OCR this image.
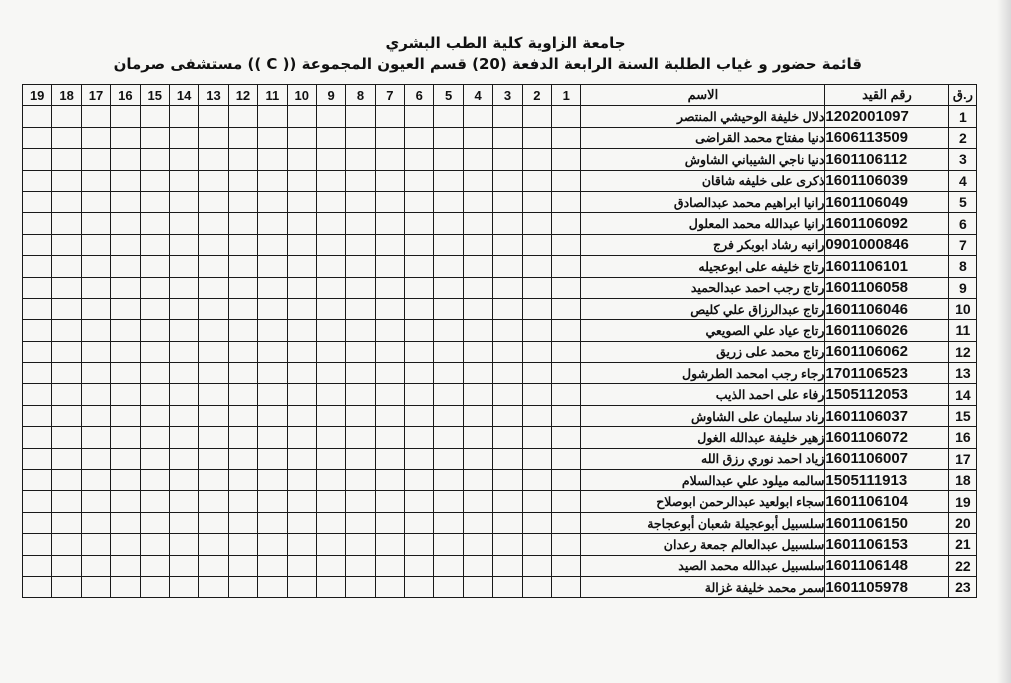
جامعة الزاوية كلية الطب البشري
قائمة حضور و غياب الطلبة السنة الرابعة الدفعة (20) قسم العيون المجموعة (( C )) مستشفى صرمان
19	18	17	16	15	14	13	12	11	10	9	8	7	6	5	4	3	2	1	الاسم	رقم القيد	ر.ق
																			دلال خليفة الوحيشي المنتصر	1202001097	1
																			دنيا مفتاح محمد القراضى	1606113509	2
																			دنيا ناجي الشيباني الشاوش	1601106112	3
																			ذكرى على خليفه شاقان	1601106039	4
																			رانيا ابراهيم محمد عبدالصادق	1601106049	5
																			رانيا عبدالله محمد المعلول	1601106092	6
																			رانيه رشاد ابوبكر فرج	0901000846	7
																			رتاج خليفه على ابوعجيله	1601106101	8
																			رتاج رجب احمد عبدالحميد	1601106058	9
																			رتاج عبدالرزاق علي كليص	1601106046	10
																			رتاج عياد علي الصويعي	1601106026	11
																			رتاج محمد على زريق	1601106062	12
																			رجاء رجب امحمد الطرشول	1701106523	13
																			رفاء على احمد الذيب	1505112053	14
																			رناد سليمان على الشاوش	1601106037	15
																			زهير خليفة عبدالله الغول	1601106072	16
																			زياد احمد نوري رزق الله	1601106007	17
																			سالمه ميلود علي عبدالسلام	1505111913	18
																			سجاء ابولعيد عبدالرحمن ابوصلاح	1601106104	19
																			سلسبيل أبوعجيلة شعبان أبوعجاجة	1601106150	20
																			سلسبيل عبدالعالم جمعة رعدان	1601106153	21
																			سلسبيل عبدالله محمد الصيد	1601106148	22
																			سمر محمد خليفة غزالة	1601105978	23
